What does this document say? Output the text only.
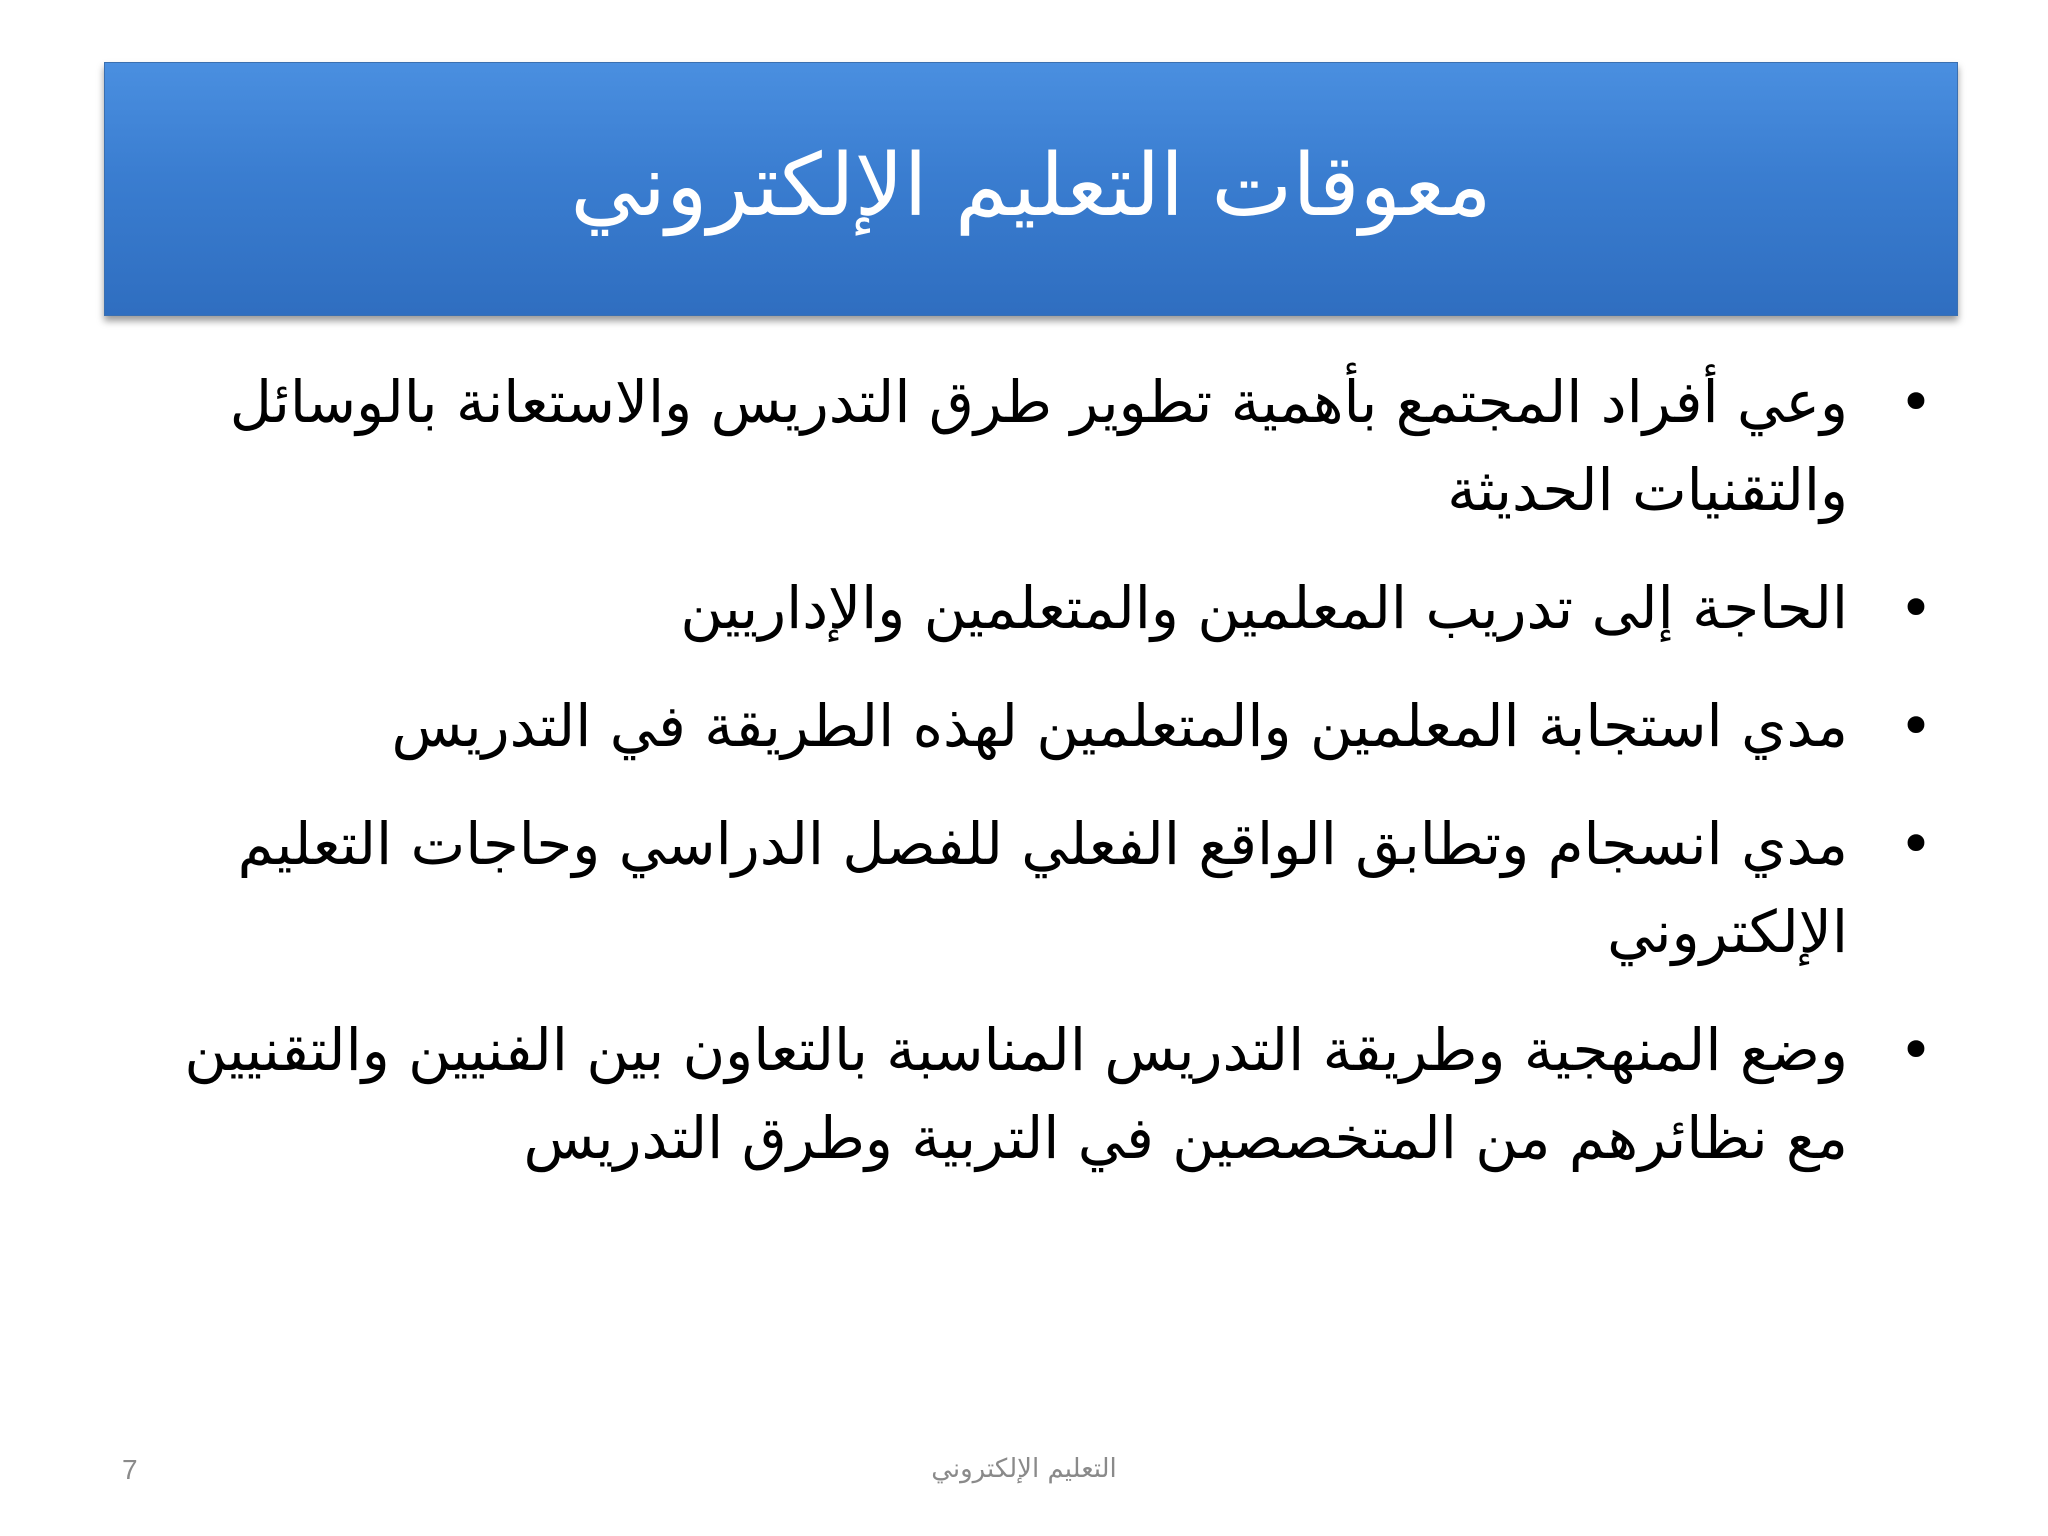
معوقات التعليم الإلكتروني
•
وعي أفراد المجتمع بأهمية تطوير طرق التدريس والاستعانة بالوسائل والتقنيات الحديثة
•
الحاجة إلى تدريب المعلمين والمتعلمين والإداريين
•
مدي استجابة المعلمين والمتعلمين لهذه الطريقة في التدريس
•
مدي انسجام وتطابق الواقع الفعلي للفصل الدراسي وحاجات التعليم الإلكتروني
•
وضع المنهجية وطريقة التدريس المناسبة بالتعاون بين الفنيين والتقنيين مع نظائرهم من المتخصصين في التربية وطرق التدريس
7	التعليم الإلكتروني
